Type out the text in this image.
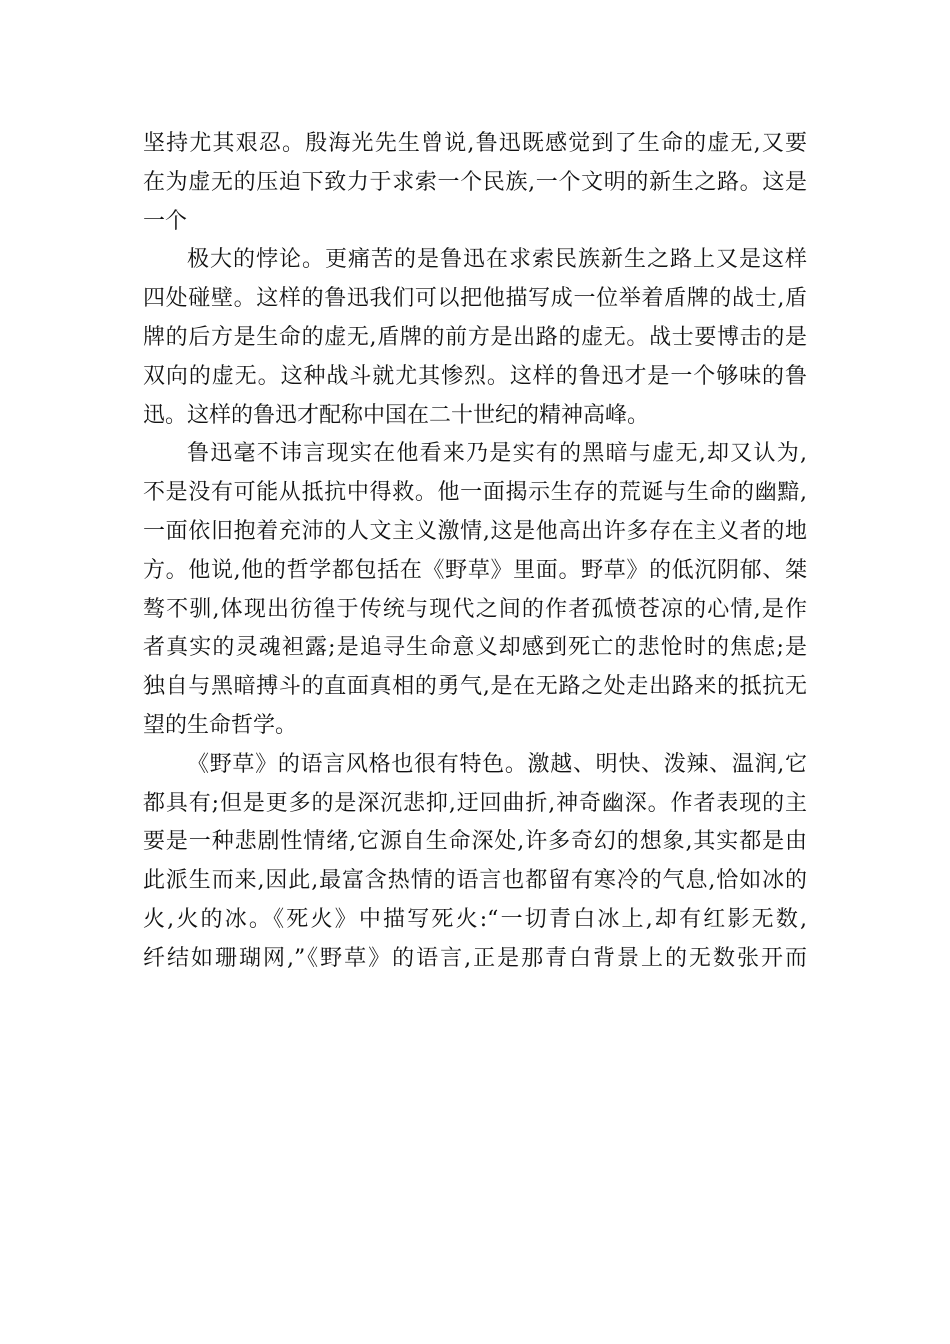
坚持尤其艰忍。殷海光先生曾说,鲁迅既感觉到了生命的虚无,又要
在为虚无的压迫下致力于求索一个民族,一个文明的新生之路。这是
一个
极大的悖论。更痛苦的是鲁迅在求索民族新生之路上又是这样
四处碰壁。这样的鲁迅我们可以把他描写成一位举着盾牌的战士,盾
牌的后方是生命的虚无,盾牌的前方是出路的虚无。战士要博击的是
双向的虚无。这种战斗就尤其惨烈。这样的鲁迅才是一个够味的鲁
迅。这样的鲁迅才配称中国在二十世纪的精神高峰。
鲁迅毫不讳言现实在他看来乃是实有的黑暗与虚无,却又认为,
不是没有可能从抵抗中得救。他一面揭示生存的荒诞与生命的幽黯,
一面依旧抱着充沛的人文主义激情,这是他高出许多存在主义者的地
方。他说,他的哲学都包括在《野草》里面。野草》的低沉阴郁、桀
骜不驯,体现出彷徨于传统与现代之间的作者孤愤苍凉的心情,是作
者真实的灵魂袒露;是追寻生命意义却感到死亡的悲怆时的焦虑;是
独自与黑暗搏斗的直面真相的勇气,是在无路之处走出路来的抵抗无
望的生命哲学。
《野草》的语言风格也很有特色。激越、明快、泼辣、温润,它
都具有;但是更多的是深沉悲抑,迂回曲折,神奇幽深。作者表现的主
要是一种悲剧性情绪,它源自生命深处,许多奇幻的想象,其实都是由
此派生而来,因此,最富含热情的语言也都留有寒冷的气息,恰如冰的
火,火的冰。《死火》中描写死火:“一切青白冰上,却有红影无数,
纤结如珊瑚网,”《野草》的语言,正是那青白背景上的无数张开而
